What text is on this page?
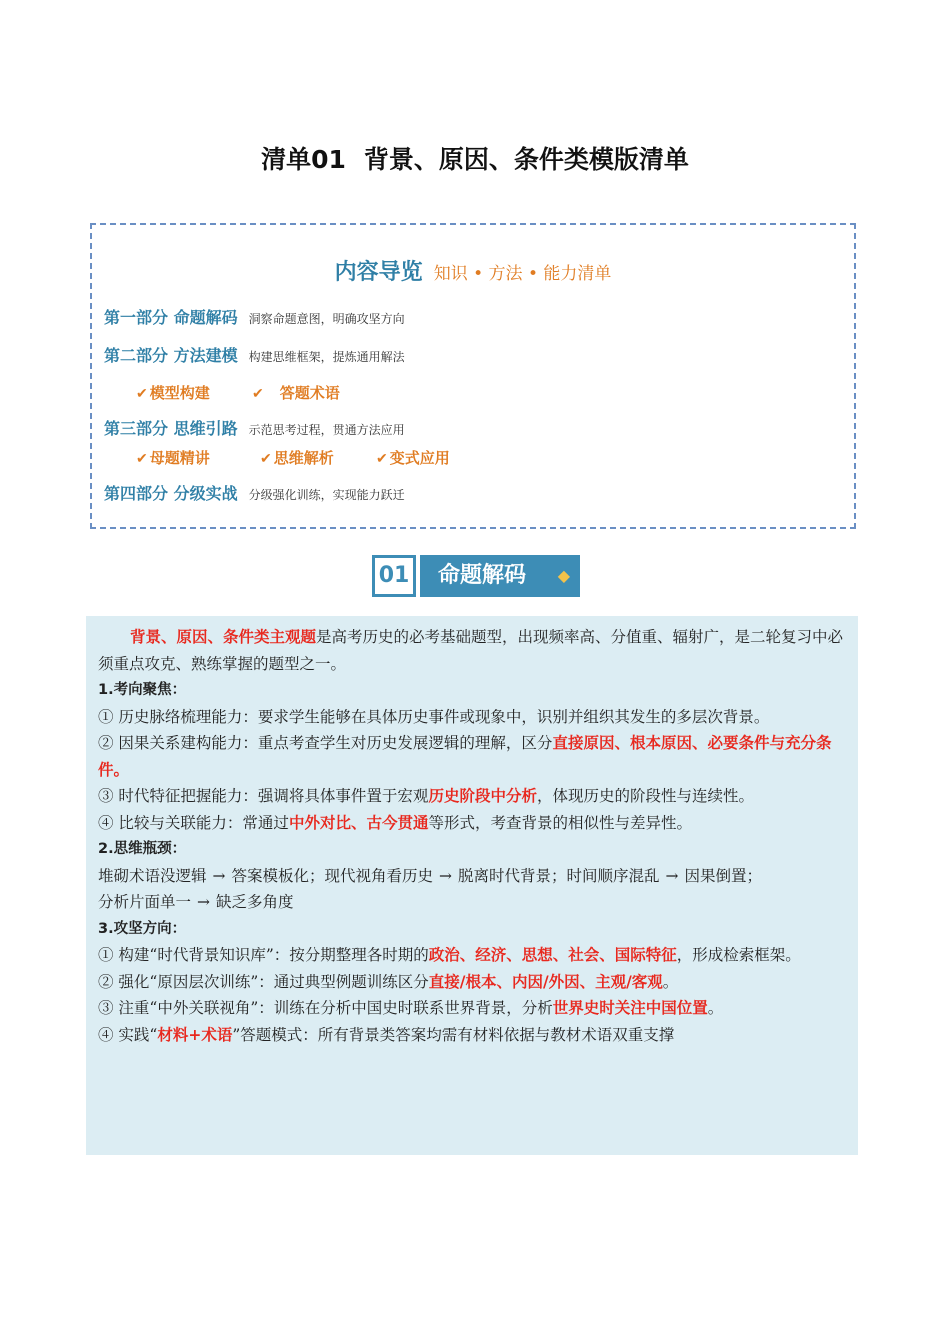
清单01 背景、原因、条件类模版清单
内容导览 知识 • 方法 • 能力清单
第一部分 命题解码 洞察命题意图，明确攻坚方向
第二部分 方法建模 构建思维框架，提炼通用解法
✔ 模型构建	✔ 答题术语
第三部分 思维引路 示范思考过程，贯通方法应用
✔ 母题精讲	✔ 思维解析	✔ 变式应用
第四部分 分级实战 分级强化训练，实现能力跃迁
01	命题解码 ◆

背景、原因、条件类主观题是高考历史的必考基础题型，出现频率高、分值重、辐射广，是二轮复习中必须重点攻克、熟练掌握的题型之一。

1.考向聚焦：

① 历史脉络梳理能力：要求学生能够在具体历史事件或现象中，识别并组织其发生的多层次背景。

② 因果关系建构能力：重点考查学生对历史发展逻辑的理解，区分直接原因、根本原因、必要条件与充分条件。

③ 时代特征把握能力：强调将具体事件置于宏观历史阶段中分析，体现历史的阶段性与连续性。

④ 比较与关联能力：常通过中外对比、古今贯通等形式，考查背景的相似性与差异性。

2.思维瓶颈：

堆砌术语没逻辑 → 答案模板化；现代视角看历史 → 脱离时代背景；时间顺序混乱 → 因果倒置；

分析片面单一 → 缺乏多角度

3.攻坚方向：

① 构建“时代背景知识库”：按分期整理各时期的政治、经济、思想、社会、国际特征，形成检索框架。

② 强化“原因层次训练”：通过典型例题训练区分直接/根本、内因/外因、主观/客观。

③ 注重“中外关联视角”：训练在分析中国史时联系世界背景，分析世界史时关注中国位置。

④ 实践“材料+术语”答题模式：所有背景类答案均需有材料依据与教材术语双重支撑
